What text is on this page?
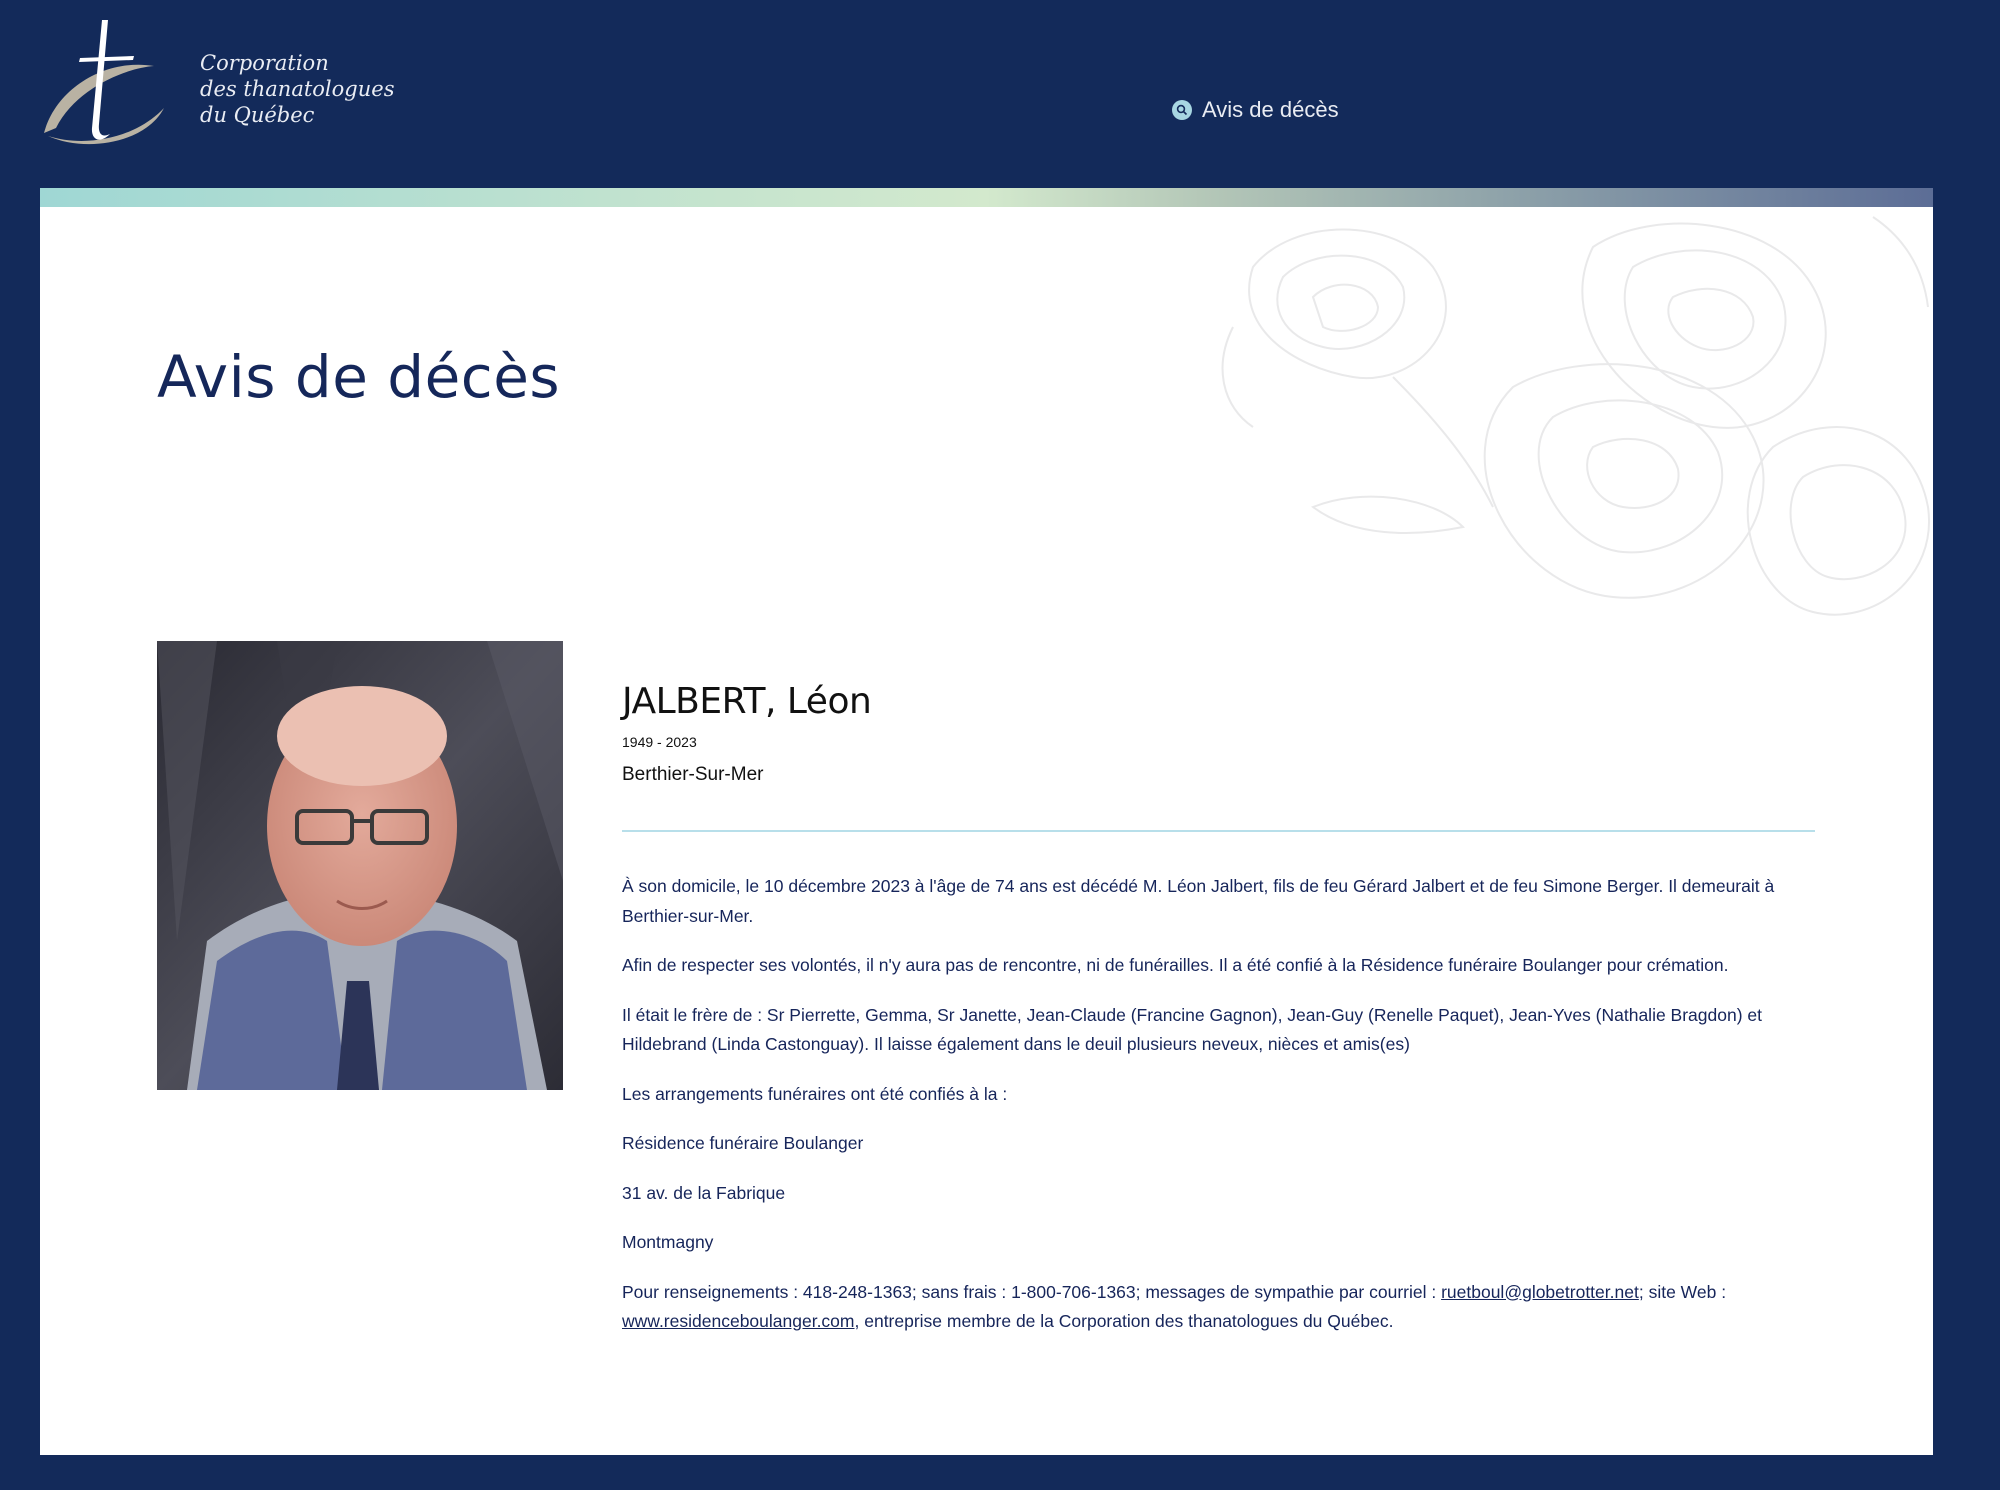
Corporation
des thanatologues
du Québec	Avis de décès
Avis de décès
JALBERT, Léon
1949 - 2023
Berthier-Sur-Mer

À son domicile, le 10 décembre 2023 à l'âge de 74 ans est décédé M. Léon Jalbert, fils de feu Gérard Jalbert et de feu Simone Berger. Il demeurait à Berthier-sur-Mer.

Afin de respecter ses volontés, il n'y aura pas de rencontre, ni de funérailles. Il a été confié à la Résidence funéraire Boulanger pour crémation.

Il était le frère de : Sr Pierrette, Gemma, Sr Janette, Jean-Claude (Francine Gagnon), Jean-Guy (Renelle Paquet), Jean-Yves (Nathalie Bragdon) et Hildebrand (Linda Castonguay). Il laisse également dans le deuil plusieurs neveux, nièces et amis(es)

Les arrangements funéraires ont été confiés à la :

Résidence funéraire Boulanger

31 av. de la Fabrique

Montmagny

Pour renseignements : 418-248-1363; sans frais : 1-800-706-1363; messages de sympathie par courriel : ruetboul@globetrotter.net; site Web : www.residenceboulanger.com, entreprise membre de la Corporation des thanatologues du Québec.
